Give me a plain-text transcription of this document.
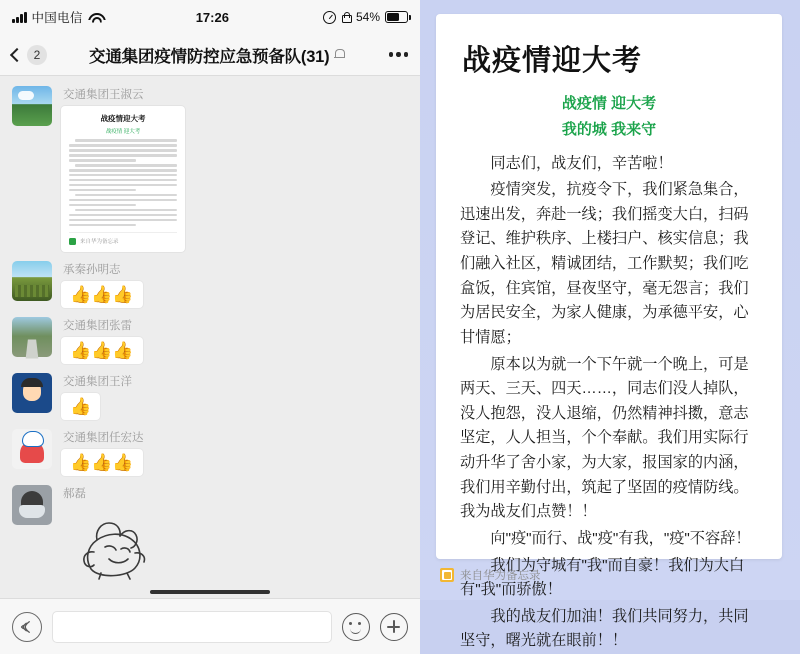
中国电信	17:26	54%
2	交通集团疫情防控应急预备队(31)
交通集团王淑云
战疫情迎大考
战疫情 迎大考
来自华为备忘录
承秦孙明志
👍👍👍
交通集团张雷
👍👍👍
交通集团王洋
👍
交通集团任宏达
👍👍👍
郝磊
战疫情迎大考
战疫情 迎大考
我的城 我来守

同志们，战友们，辛苦啦！

疫情突发，抗疫令下，我们紧急集合，迅速出发，奔赴一线；我们摇变大白，扫码登记、维护秩序、上楼扫户、核实信息；我们融入社区，精诚团结，工作默契；我们吃盒饭，住宾馆，昼夜坚守，毫无怨言；我们为居民安全，为家人健康，为承德平安，心甘情愿；

原本以为就一个下午就一个晚上，可是两天、三天、四天……，同志们没人掉队，没人抱怨，没人退缩，仍然精神抖擞，意志坚定，人人担当，个个奉献。我们用实际行动升华了舍小家，为大家，报国家的内涵，我们用辛勤付出，筑起了坚固的疫情防线。我为战友们点赞！！

向"疫"而行、战"疫"有我，"疫"不容辞！

我们为守城有"我"而自豪！我们为大白有"我"而骄傲！

我的战友们加油！我们共同努力，共同坚守，曙光就在眼前！！

来自华为备忘录
